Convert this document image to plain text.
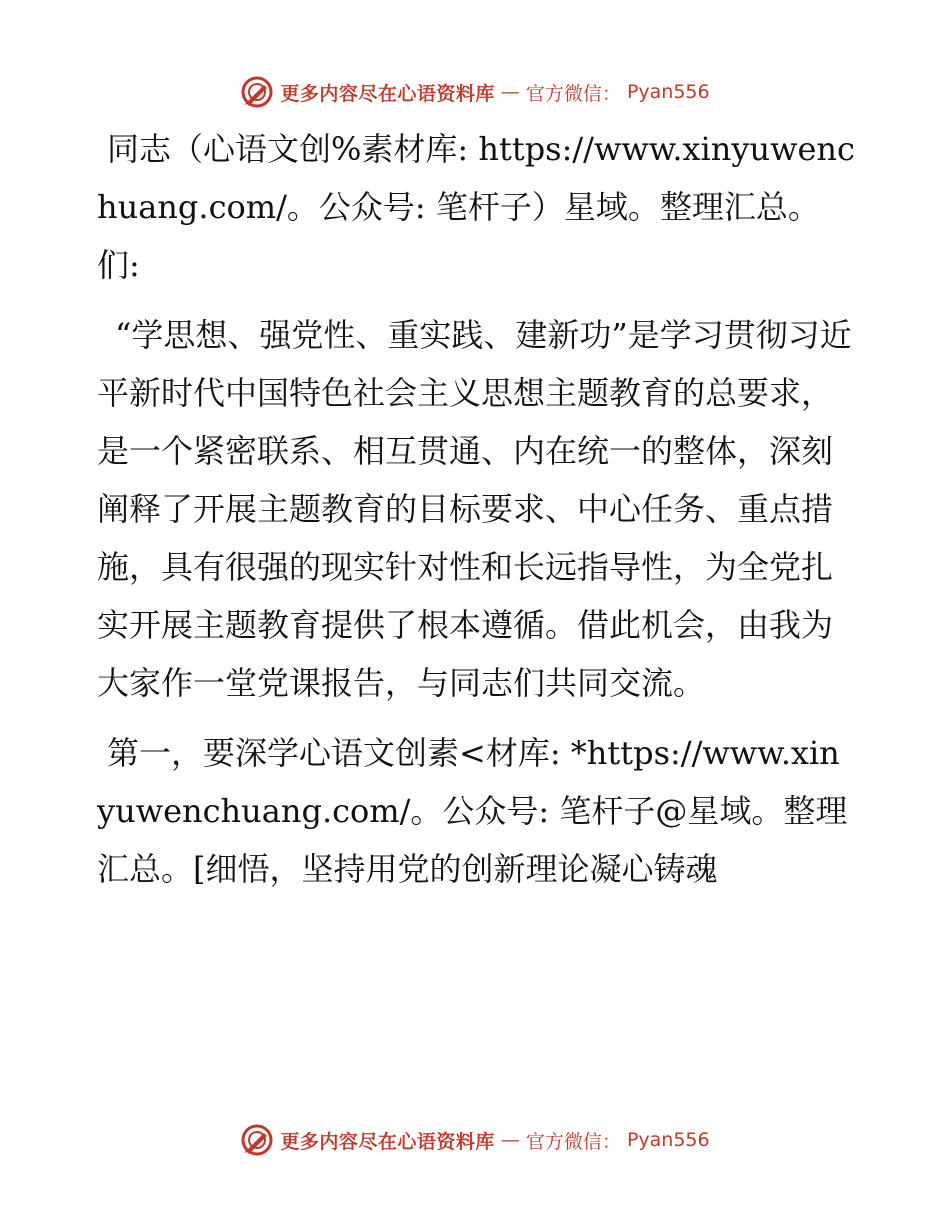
更多内容尽在心语资料库 — 官方微信： Pyan556

同志（心语文创%素材库: https://www.xinyuwenchuang.com/。公众号: 笔杆子）星域。整理汇总。们:

“学思想、强党性、重实践、建新功”是学习贯彻习近平新时代中国特色社会主义思想主题教育的总要求，是一个紧密联系、相互贯通、内在统一的整体，深刻阐释了开展主题教育的目标要求、中心任务、重点措施，具有很强的现实针对性和长远指导性，为全党扎实开展主题教育提供了根本遵循。借此机会，由我为大家作一堂党课报告，与同志们共同交流。

第一，要深学心语文创素<材库: *https://www.xinyuwenchuang.com/。公众号: 笔杆子@星域。整理汇总。[细悟，坚持用党的创新理论凝心铸魂

更多内容尽在心语资料库 — 官方微信： Pyan556
